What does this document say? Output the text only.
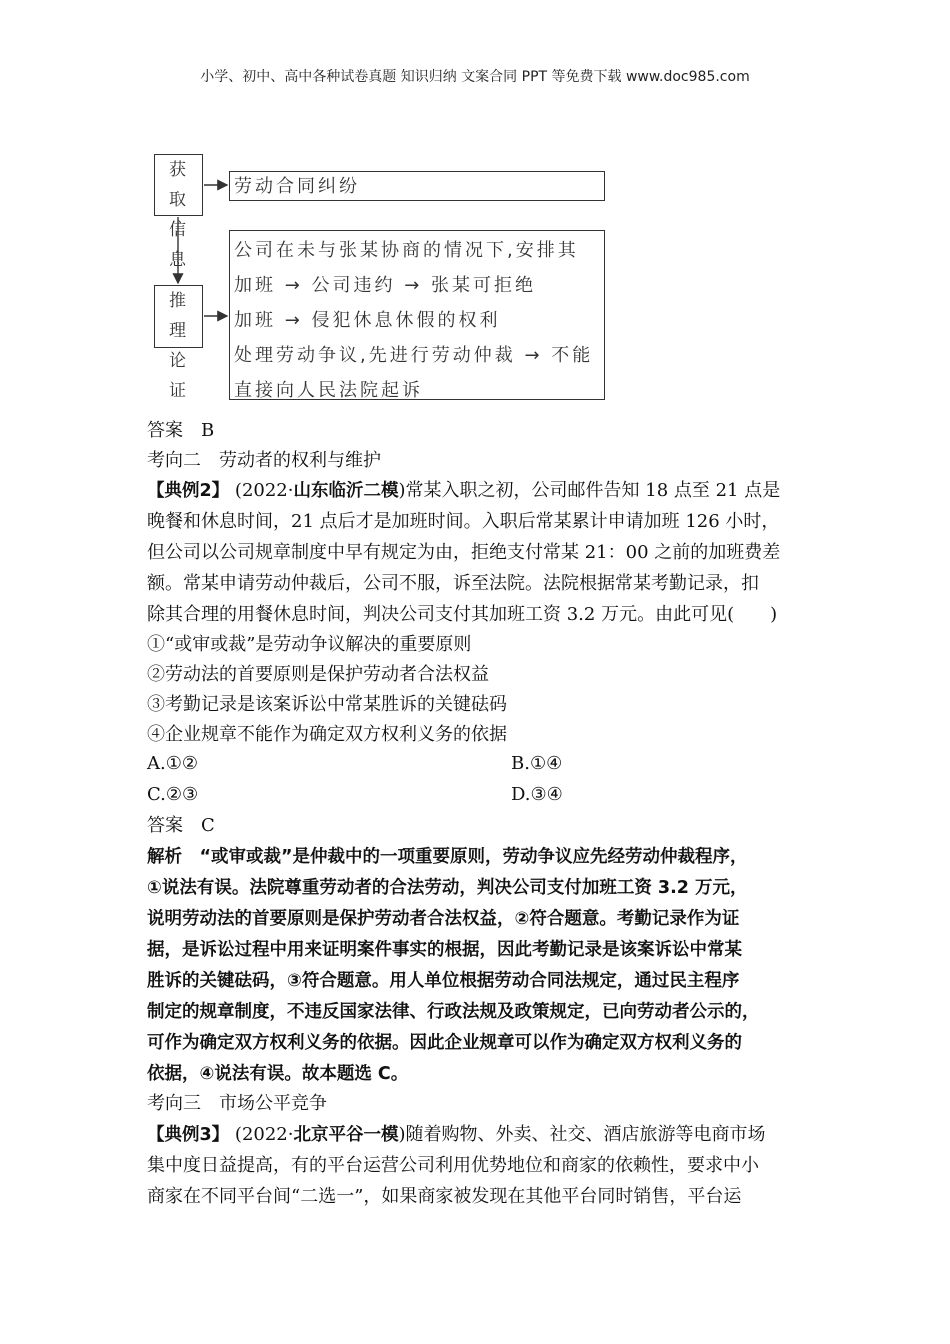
小学、初中、高中各种试卷真题 知识归纳 文案合同 PPT 等免费下载 www.doc985.com
获取
信息
劳动合同纠纷
推理
论证
公司在未与张某协商的情况下,安排其
加班 → 公司违约 → 张某可拒绝
加班 → 侵犯休息休假的权利
处理劳动争议,先进行劳动仲裁 → 不能
直接向人民法院起诉
答案　B
考向二　劳动者的权利与维护
【典例2】 (2022·山东临沂二模)常某入职之初，公司邮件告知 18 点至 21 点是
晚餐和休息时间，21 点后才是加班时间。入职后常某累计申请加班 126 小时，
但公司以公司规章制度中早有规定为由，拒绝支付常某 21：00 之前的加班费差
额。常某申请劳动仲裁后，公司不服，诉至法院。法院根据常某考勤记录，扣
除其合理的用餐休息时间，判决公司支付其加班工资 3.2 万元。由此可见(　　)
①“或审或裁”是劳动争议解决的重要原则
②劳动法的首要原则是保护劳动者合法权益
③考勤记录是该案诉讼中常某胜诉的关键砝码
④企业规章不能作为确定双方权利义务的依据
A.①②	B.①④
C.②③	D.③④
答案　C
解析　“或审或裁”是仲裁中的一项重要原则，劳动争议应先经劳动仲裁程序，
①说法有误。法院尊重劳动者的合法劳动，判决公司支付加班工资 3.2 万元，
说明劳动法的首要原则是保护劳动者合法权益，②符合题意。考勤记录作为证
据，是诉讼过程中用来证明案件事实的根据，因此考勤记录是该案诉讼中常某
胜诉的关键砝码，③符合题意。用人单位根据劳动合同法规定，通过民主程序
制定的规章制度，不违反国家法律、行政法规及政策规定，已向劳动者公示的，
可作为确定双方权利义务的依据。因此企业规章可以作为确定双方权利义务的
依据，④说法有误。故本题选 C。
考向三　市场公平竞争
【典例3】 (2022·北京平谷一模)随着购物、外卖、社交、酒店旅游等电商市场
集中度日益提高，有的平台运营公司利用优势地位和商家的依赖性，要求中小
商家在不同平台间“二选一”，如果商家被发现在其他平台同时销售，平台运
